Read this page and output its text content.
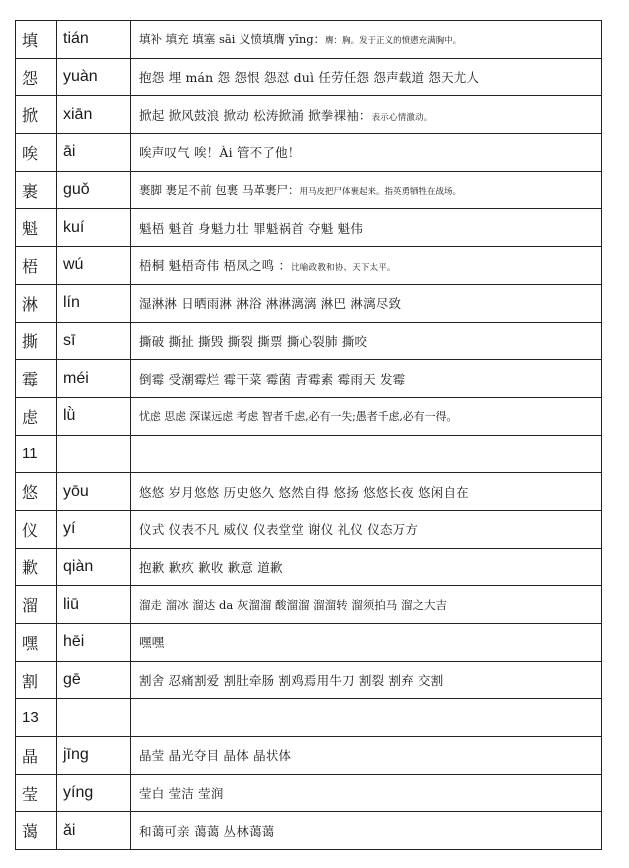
填	tián	填补 填充 填塞 sāi 义愤填膺 yīng：膺：胸。发于正义的愤懑充满胸中。
怨	yuàn	抱怨 埋 mán 怨 怨恨 怨怼 duì 任劳任怨 怨声载道 怨天尤人
掀	xiān	掀起 掀风鼓浪 掀动 松涛掀涌 掀拳裸袖：表示心情激动。
唉	āi	唉声叹气 唉！Ài 管不了他！
裹	guǒ	裹脚 裹足不前 包裹 马革裹尸：用马皮把尸体裹起来。指英勇牺牲在战场。
魁	kuí	魁梧 魁首 身魁力壮 罪魁祸首 夺魁 魁伟
梧	wú	梧桐 魁梧奇伟 梧凤之鸣 ：比喻政教和协、天下太平。
淋	lín	湿淋淋 日晒雨淋 淋浴 淋淋漓漓 淋巴 淋漓尽致
撕	sī	撕破 撕扯 撕毁 撕裂 撕票 撕心裂肺 撕咬
霉	méi	倒霉 受潮霉烂 霉干菜 霉菌 青霉素 霉雨天 发霉
虑	lǜ	忧虑 思虑 深谋远虑 考虑 智者千虑,必有一失;愚者千虑,必有一得。
11		
悠	yōu	悠悠 岁月悠悠 历史悠久 悠然自得 悠扬 悠悠长夜 悠闲自在
仪	yí	仪式 仪表不凡 威仪 仪表堂堂 谢仪 礼仪 仪态万方
歉	qiàn	抱歉 歉疚 歉收 歉意 道歉
溜	liū	溜走 溜冰 溜达 da 灰溜溜 酸溜溜 溜溜转 溜须拍马 溜之大吉
嘿	hēi	嘿嘿
割	gē	割舍 忍痛割爱 割肚牵肠 割鸡焉用牛刀 割裂 割弃 交割
13		
晶	jīng	晶莹 晶光夺目 晶体 晶状体
莹	yíng	莹白 莹洁 莹润
蔼	ǎi	和蔼可亲 蔼蔼 丛林蔼蔼
